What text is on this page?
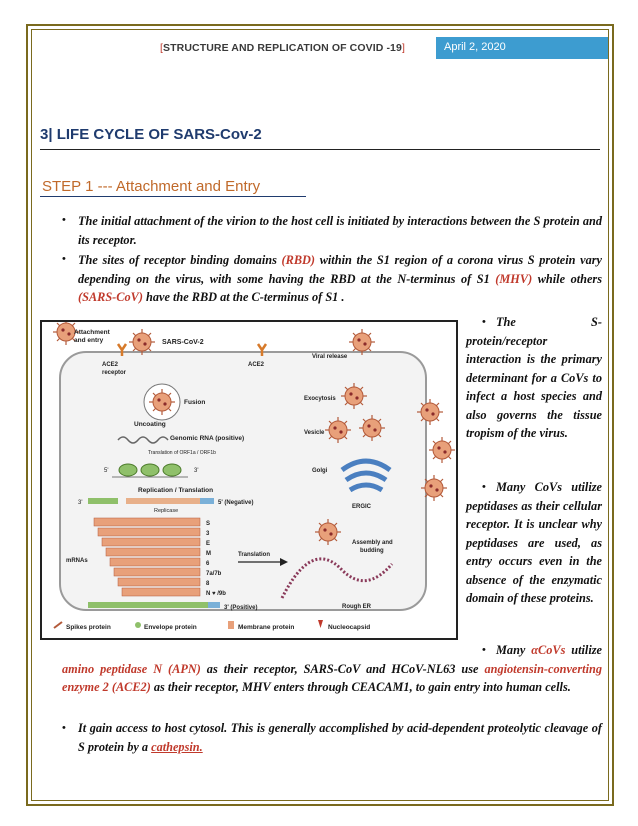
[STRUCTURE AND REPLICATION OF COVID -19]	April 2, 2020
3| LIFE CYCLE OF SARS-Cov-2
STEP 1 --- Attachment and Entry
• The initial attachment of the virion to the host cell is initiated by interactions between the S protein and its receptor.
• The sites of receptor binding domains (RBD) within the S1 region of a corona virus S protein vary depending on the virus, with some having the RBD at the N-terminus of S1 (MHV) while others (SARS-CoV) have the RBD at the C-terminus of S1 .
Attachment
and entry	SARS-CoV-2
ACE2
receptor
ACE2
Viral release
Fusion	Exocytosis
Uncoating
Genomic RNA (positive)
Vesicle
Translation of ORF1a / ORF1b
Golgi
5'	3'
Replication / Translation
Replicase
ERGIC
5' (Negative)
3'
mRNAs
Assembly and
budding
S
3
E
M
6
7a/7b
8
N ♥ /9b
Translation
3' (Positive)	Rough ER
Spikes protein	Envelope protein	Membrane protein	Nucleocapsid
• The S-protein/receptor interaction is the primary determinant for a CoVs to infect a host species and also governs the tissue tropism of the virus.
• Many CoVs utilize peptidases as their cellular receptor. It is unclear why peptidases are used, as entry occurs even in the absence of the enzymatic domain of these proteins.
• Many αCoVs utilize amino peptidase N (APN) as their receptor, SARS-CoV and HCoV-NL63 use angiotensin-converting enzyme 2 (ACE2) as their receptor, MHV enters through CEACAM1, to gain entry into human cells.
• It gain access to host cytosol. This is generally accomplished by acid-dependent proteolytic cleavage of S protein by a cathepsin.
